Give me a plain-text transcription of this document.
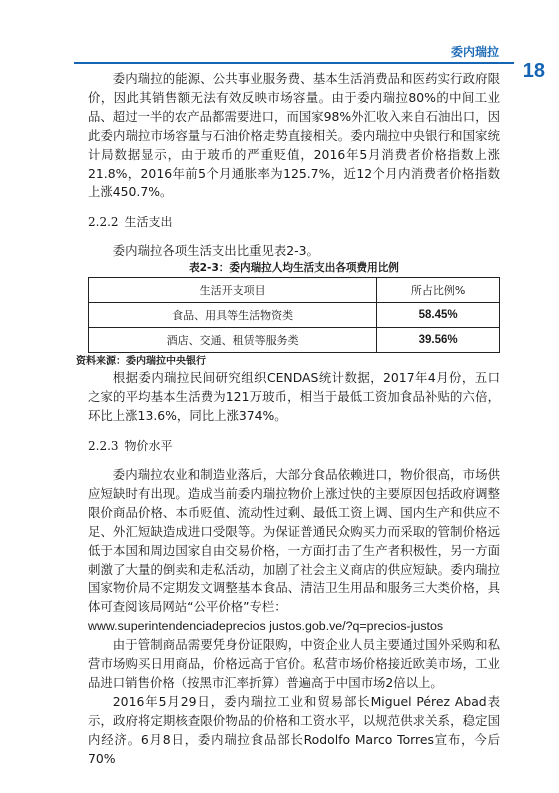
委内瑞拉
18

委内瑞拉的能源、公共事业服务费、基本生活消费品和医药实行政府限价，因此其销售额无法有效反映市场容量。由于委内瑞拉80%的中间工业品、超过一半的农产品都需要进口，而国家98%外汇收入来自石油出口，因此委内瑞拉市场容量与石油价格走势直接相关。委内瑞拉中央银行和国家统计局数据显示，由于玻币的严重贬值，2016年5月消费者价格指数上涨21.8%，2016年前5个月通胀率为125.7%，近12个月内消费者价格指数上涨450.7%。

2.2.2 生活支出

委内瑞拉各项生活支出比重见表2-3。

表2-3：委内瑞拉人均生活支出各项费用比例
生活开支项目	所占比例%
食品、用具等生活物资类	58.45%
酒店、交通、租赁等服务类	39.56%
资料来源：委内瑞拉中央银行

根据委内瑞拉民间研究组织CENDAS统计数据，2017年4月份，五口之家的平均基本生活费为121万玻币，相当于最低工资加食品补贴的六倍，环比上涨13.6%，同比上涨374%。

2.2.3 物价水平

委内瑞拉农业和制造业落后，大部分食品依赖进口，物价很高，市场供应短缺时有出现。造成当前委内瑞拉物价上涨过快的主要原因包括政府调整限价商品价格、本币贬值、流动性过剩、最低工资上调、国内生产和供应不足、外汇短缺造成进口受限等。为保证普通民众购买力而采取的管制价格远低于本国和周边国家自由交易价格，一方面打击了生产者积极性，另一方面刺激了大量的倒卖和走私活动，加剧了社会主义商店的供应短缺。委内瑞拉国家物价局不定期发文调整基本食品、清洁卫生用品和服务三大类价格，具体可查阅该局网站“公平价格”专栏：

www.superintendenciadeprecios justos.gob.ve/?q=precios-justos

由于管制商品需要凭身份证限购，中资企业人员主要通过国外采购和私营市场购买日用商品，价格远高于官价。私营市场价格接近欧美市场，工业品进口销售价格（按黑市汇率折算）普遍高于中国市场2倍以上。

2016年5月29日，委内瑞拉工业和贸易部长Miguel Pérez Abad表示，政府将定期核查限价物品的价格和工资水平，以规范供求关系，稳定国内经济。6月8日，委内瑞拉食品部长Rodolfo Marco Torres宣布，今后70%
